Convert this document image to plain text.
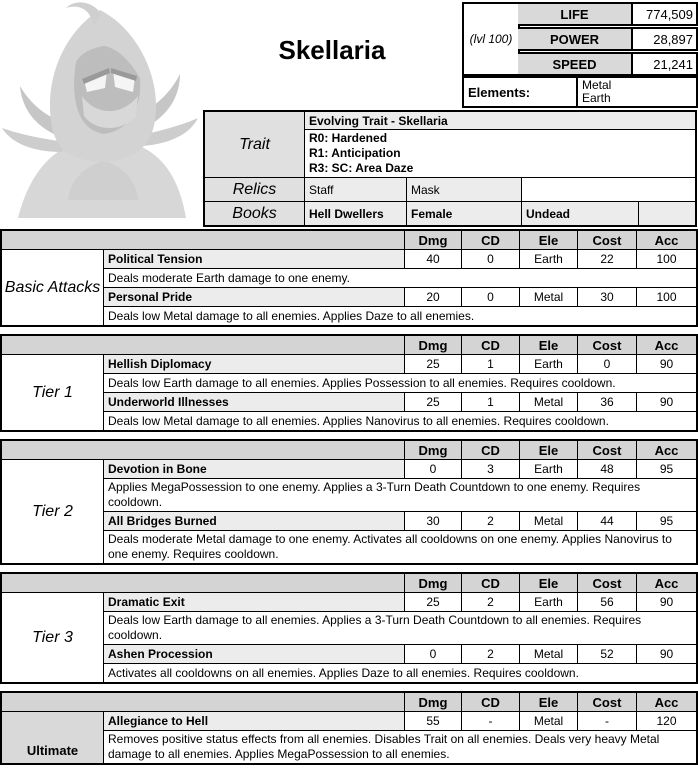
Skellaria	(lvl 100)
LIFE	774,509
POWER	28,897
SPEED	21,241
Elements:	Metal
Earth
Trait
Evolving Trait - Skellaria
R0: Hardened
R1: Anticipation
R3: SC: Area Daze
Relics	Staff	Mask
Books	Hell Dwellers	Female	Undead
Dmg	CD	Ele	Cost	Acc
Basic Attacks
Political Tension	40	0	Earth	22	100
Deals moderate Earth damage to one enemy.
Personal Pride	20	0	Metal	30	100
Deals low Metal damage to all enemies. Applies Daze to all enemies.
Dmg	CD	Ele	Cost	Acc
Tier 1
Hellish Diplomacy	25	1	Earth	0	90
Deals low Earth damage to all enemies. Applies Possession to all enemies. Requires cooldown.
Underworld Illnesses	25	1	Metal	36	90
Deals low Metal damage to all enemies. Applies Nanovirus to all enemies. Requires cooldown.
Dmg	CD	Ele	Cost	Acc
Tier 2
Devotion in Bone	0	3	Earth	48	95
Applies MegaPossession to one enemy. Applies a 3-Turn Death Countdown to one enemy. Requires cooldown.
All Bridges Burned	30	2	Metal	44	95
Deals moderate Metal damage to one enemy. Activates all cooldowns on one enemy. Applies Nanovirus to one enemy. Requires cooldown.
Dmg	CD	Ele	Cost	Acc
Tier 3
Dramatic Exit	25	2	Earth	56	90
Deals low Earth damage to all enemies. Applies a 3-Turn Death Countdown to all enemies. Requires cooldown.
Ashen Procession	0	2	Metal	52	90
Activates all cooldowns on all enemies. Applies Daze to all enemies. Requires cooldown.
Dmg	CD	Ele	Cost	Acc
Ultimate
Allegiance to Hell	55	-	Metal	-	120
Removes positive status effects from all enemies. Disables Trait on all enemies. Deals very heavy Metal damage to all enemies. Applies MegaPossession to all enemies.
